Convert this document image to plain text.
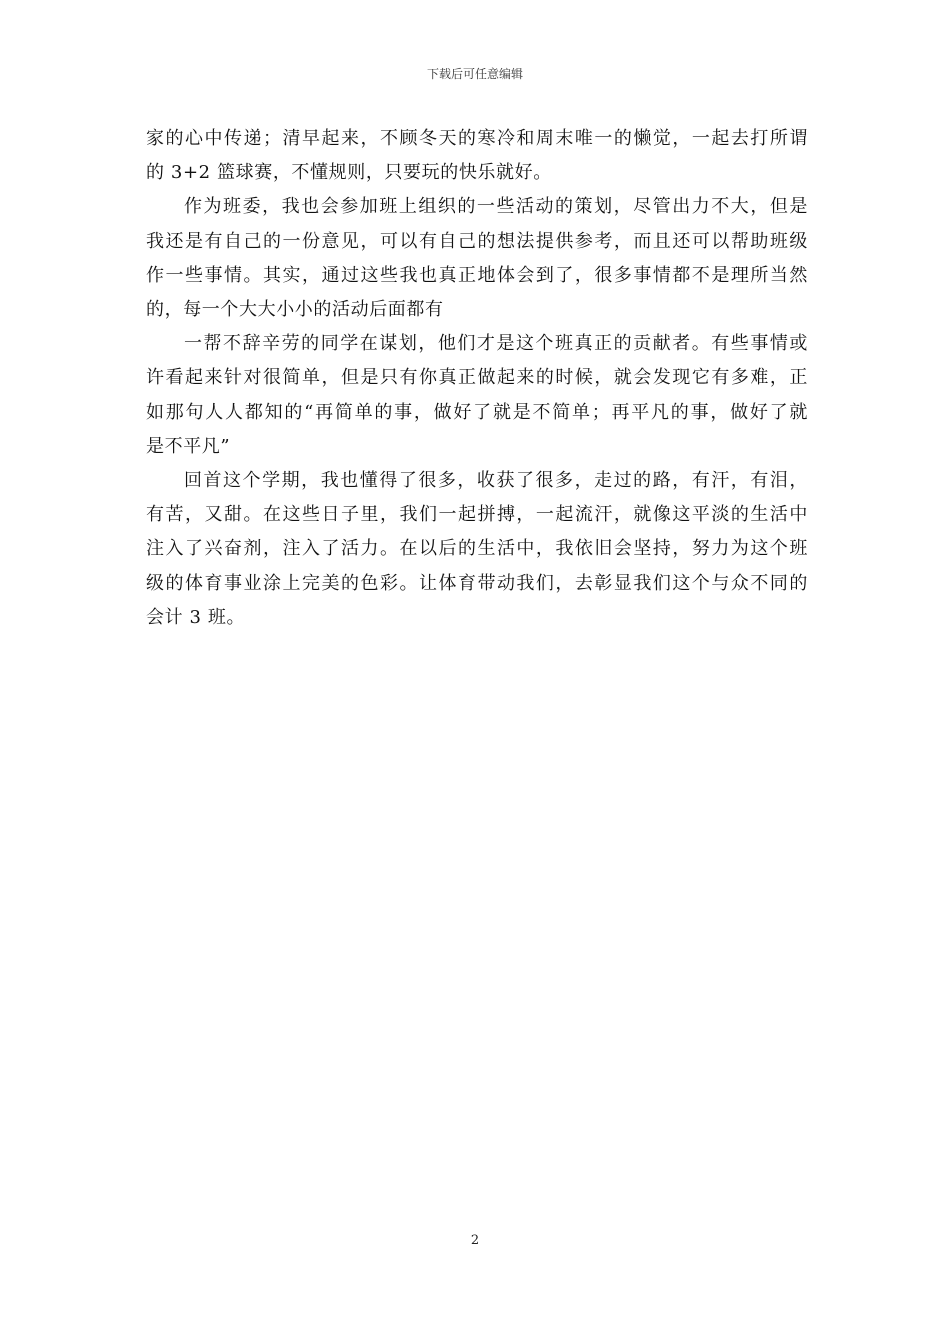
下载后可任意编辑
家的心中传递；清早起来，不顾冬天的寒冷和周末唯一的懒觉，一起去打所谓
的 3+2 篮球赛，不懂规则，只要玩的快乐就好。
作为班委，我也会参加班上组织的一些活动的策划，尽管出力不大，但是
我还是有自己的一份意见，可以有自己的想法提供参考，而且还可以帮助班级
作一些事情。其实，通过这些我也真正地体会到了，很多事情都不是理所当然
的，每一个大大小小的活动后面都有
一帮不辞辛劳的同学在谋划，他们才是这个班真正的贡献者。有些事情或
许看起来针对很简单，但是只有你真正做起来的时候，就会发现它有多难，正
如那句人人都知的“再简单的事，做好了就是不简单；再平凡的事，做好了就
是不平凡”
回首这个学期，我也懂得了很多，收获了很多，走过的路，有汗，有泪，
有苦，又甜。在这些日子里，我们一起拼搏，一起流汗，就像这平淡的生活中
注入了兴奋剂，注入了活力。在以后的生活中，我依旧会坚持，努力为这个班
级的体育事业涂上完美的色彩。让体育带动我们，去彰显我们这个与众不同的
会计 3 班。
2
